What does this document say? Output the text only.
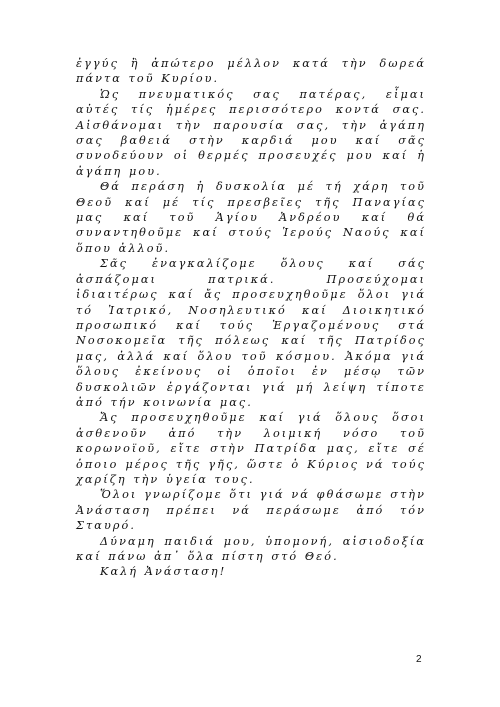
ἐγγύς ἢ ἀπώτερο μέλλον κατά τὴν δωρεά πάντα τοῦ Κυρίου.

Ὡς πνευματικός σας πατέρας, εἶμαι αὐτές τίς ἡμέρες περισσότερο κοντά σας. Αἰσθάνομαι τὴν παρουσία σας, τὴν ἀγάπη σας βαθειά στὴν καρδιά μου καί σᾶς συνοδεύουν οἱ θερμές προσευχές μου καί ἡ ἀγάπη μου.

Θά περάση ἡ δυσκολία μέ τή χάρη τοῦ Θεοῦ καί μέ τίς πρεσβεῖες τῆς Παναγίας μας καί τοῦ Ἁγίου Ἀνδρέου καί θά συναντηθοῦμε καί στούς Ἱερούς Ναούς καί ὅπου ἀλλοῦ.

Σᾶς ἐναγκαλίζομε ὅλους καί σάς ἀσπάζομαι πατρικά. Προσεύχομαι ἰδιαιτέρως καί ἄς προσευχηθοῦμε ὅλοι γιά τό Ἰατρικό, Νοσηλευτικό καί Διοικητικό προσωπικό καί τούς Ἐργαζομένους στά Νοσοκομεῖα τῆς πόλεως καί τῆς Πατρίδος μας, ἀλλά καί ὅλου τοῦ κόσμου. Ἀκόμα γιά ὅλους ἐκείνους οἱ ὁποῖοι ἐν μέσῳ τῶν δυσκολιῶν ἐργάζονται γιά μή λείψη τίποτε ἀπό τήν κοινωνία μας.

Ἄς προσευχηθοῦμε καί γιά ὅλους ὅσοι ἀσθενοῦν ἀπό τὴν λοιμική νόσο τοῦ κορωνοϊοῦ, εἴτε στὴν Πατρίδα μας, εἴτε σέ ὁποιο μέρος τῆς γῆς, ὥστε ὁ Κύριος νά τούς χαρίζη τὴν ὑγεία τους.

Ὅλοι γνωρίζομε ὅτι γιά νά φθάσωμε στὴν Ἀνάσταση πρέπει νά περάσωμε ἀπό τόν Σταυρό.

Δύναμη παιδιά μου, ὑπομονή, αἰσιοδοξία καί πάνω ἀπ᾽ ὅλα πίστη στό Θεό.

Καλή Ἀνάσταση!

2
